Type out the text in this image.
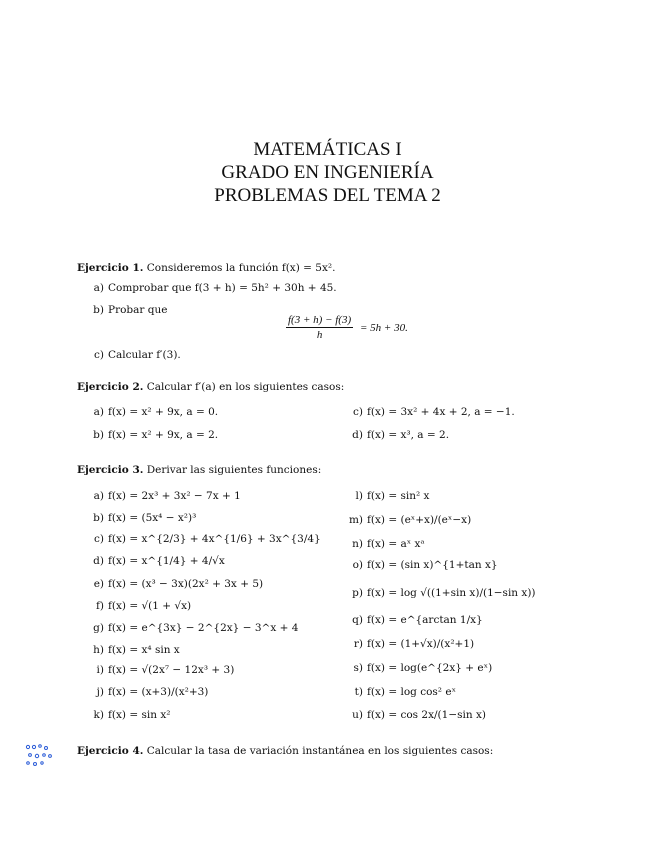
MATEMÁTICAS I
GRADO EN INGENIERÍA
PROBLEMAS DEL TEMA 2
Ejercicio 1. Consideremos la función f(x) = 5x².
a) Comprobar que f(3 + h) = 5h² + 30h + 45.
b) Probar que
$\frac{f(3 + h) - f(3)}{h} = 5h + 30$.
c) Calcular f′(3).
Ejercicio 2. Calcular f′(a) en los siguientes casos:
a) f(x) = x² + 9x, a = 0.
b) f(x) = x² + 9x, a = 2.
c) f(x) = 3x² + 4x + 2, a = −1.
d) f(x) = x³, a = 2.
Ejercicio 3. Derivar las siguientes funciones:
a) f(x) = 2x³ + 3x² − 7x + 1
b) f(x) = (5x⁴ − x²)³
c) f(x) = x^{2/3} + 4x^{1/6} + 3x^{3/4}
d) f(x) = x^{1/4} + 4/√x
e) f(x) = (x³ − 3x)(2x² + 3x + 5)
f) f(x) = √(1 + √x)
g) f(x) = e^{3x} − 2^{2x} − 3^x + 4
h) f(x) = x⁴ sin x
i) f(x) = √(2x⁷ − 12x³ + 3)
j) f(x) = (x+3)/(x²+3)
k) f(x) = sin x²
l) f(x) = sin² x
m) f(x) = (eˣ+x)/(eˣ−x)
n) f(x) = aˣ xᵃ
o) f(x) = (sin x)^{1+tan x}
p) f(x) = log √((1+sin x)/(1−sin x))
q) f(x) = e^{arctan 1/x}
r) f(x) = (1+√x)/(x²+1)
s) f(x) = log(e^{2x} + eˣ)
t) f(x) = log cos² eˣ
u) f(x) = cos 2x/(1−sin x)
Ejercicio 4. Calcular la tasa de variación instantánea en los siguientes casos:
